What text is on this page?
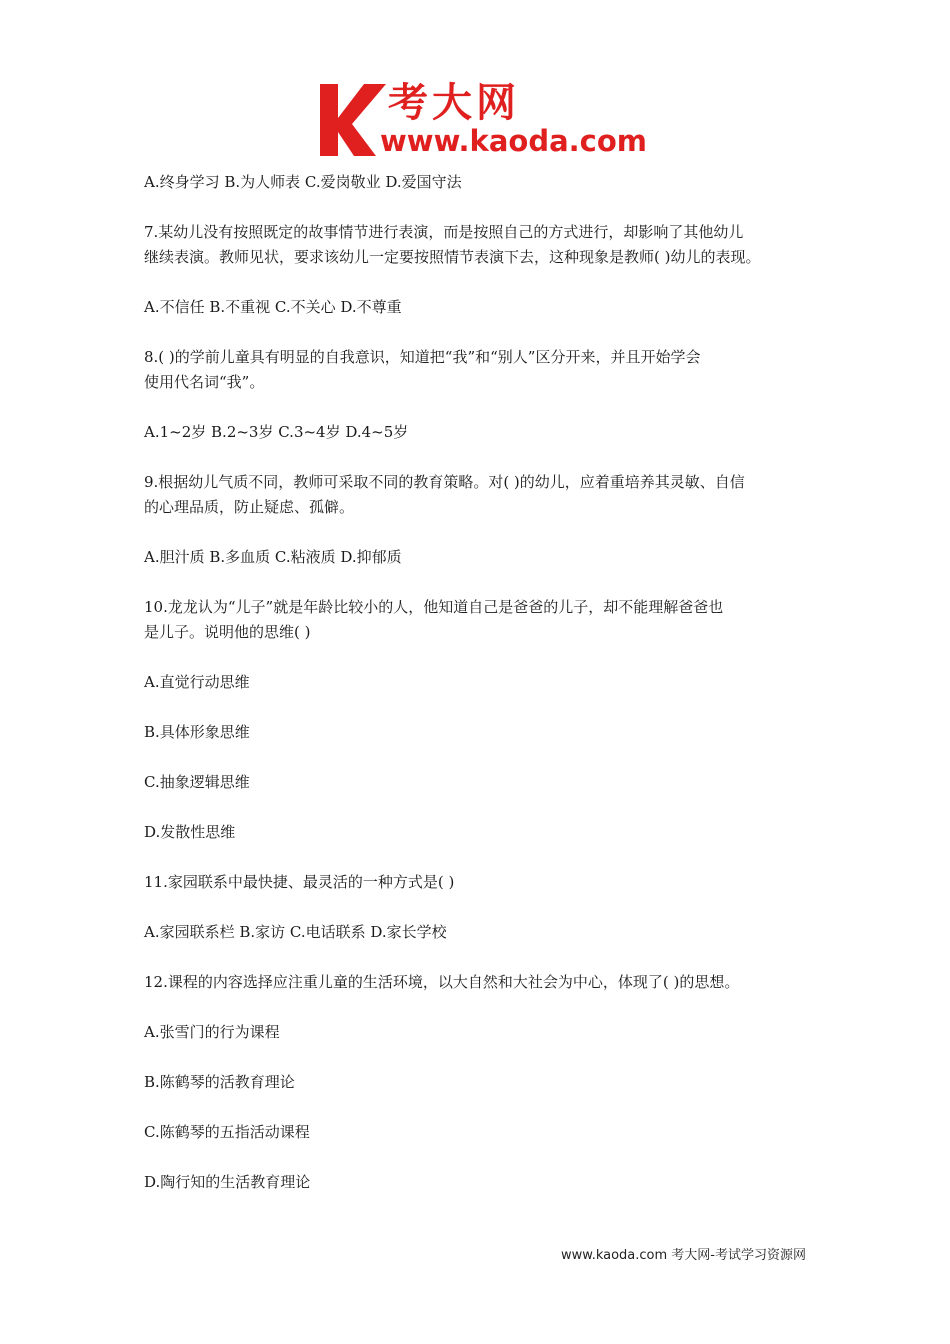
考大网
www.kaoda.com

A.终身学习 B.为人师表 C.爱岗敬业 D.爱国守法

7.某幼儿没有按照既定的故事情节进行表演，而是按照自己的方式进行，却影响了其他幼儿

继续表演。教师见状，要求该幼儿一定要按照情节表演下去，这种现象是教师( )幼儿的表现。

A.不信任 B.不重视 C.不关心 D.不尊重

8.( )的学前儿童具有明显的自我意识，知道把“我”和“别人”区分开来，并且开始学会

使用代名词“我”。

A.1~2岁 B.2~3岁 C.3~4岁 D.4~5岁

9.根据幼儿气质不同，教师可采取不同的教育策略。对( )的幼儿，应着重培养其灵敏、自信

的心理品质，防止疑虑、孤僻。

A.胆汁质 B.多血质 C.粘液质 D.抑郁质

10.龙龙认为“儿子”就是年龄比较小的人，他知道自己是爸爸的儿子，却不能理解爸爸也

是儿子。说明他的思维( )

A.直觉行动思维

B.具体形象思维

C.抽象逻辑思维

D.发散性思维

11.家园联系中最快捷、最灵活的一种方式是( )

A.家园联系栏 B.家访 C.电话联系 D.家长学校

12.课程的内容选择应注重儿童的生活环境，以大自然和大社会为中心，体现了( )的思想。

A.张雪门的行为课程

B.陈鹤琴的活教育理论

C.陈鹤琴的五指活动课程

D.陶行知的生活教育理论

www.kaoda.com 考大网-考试学习资源网
